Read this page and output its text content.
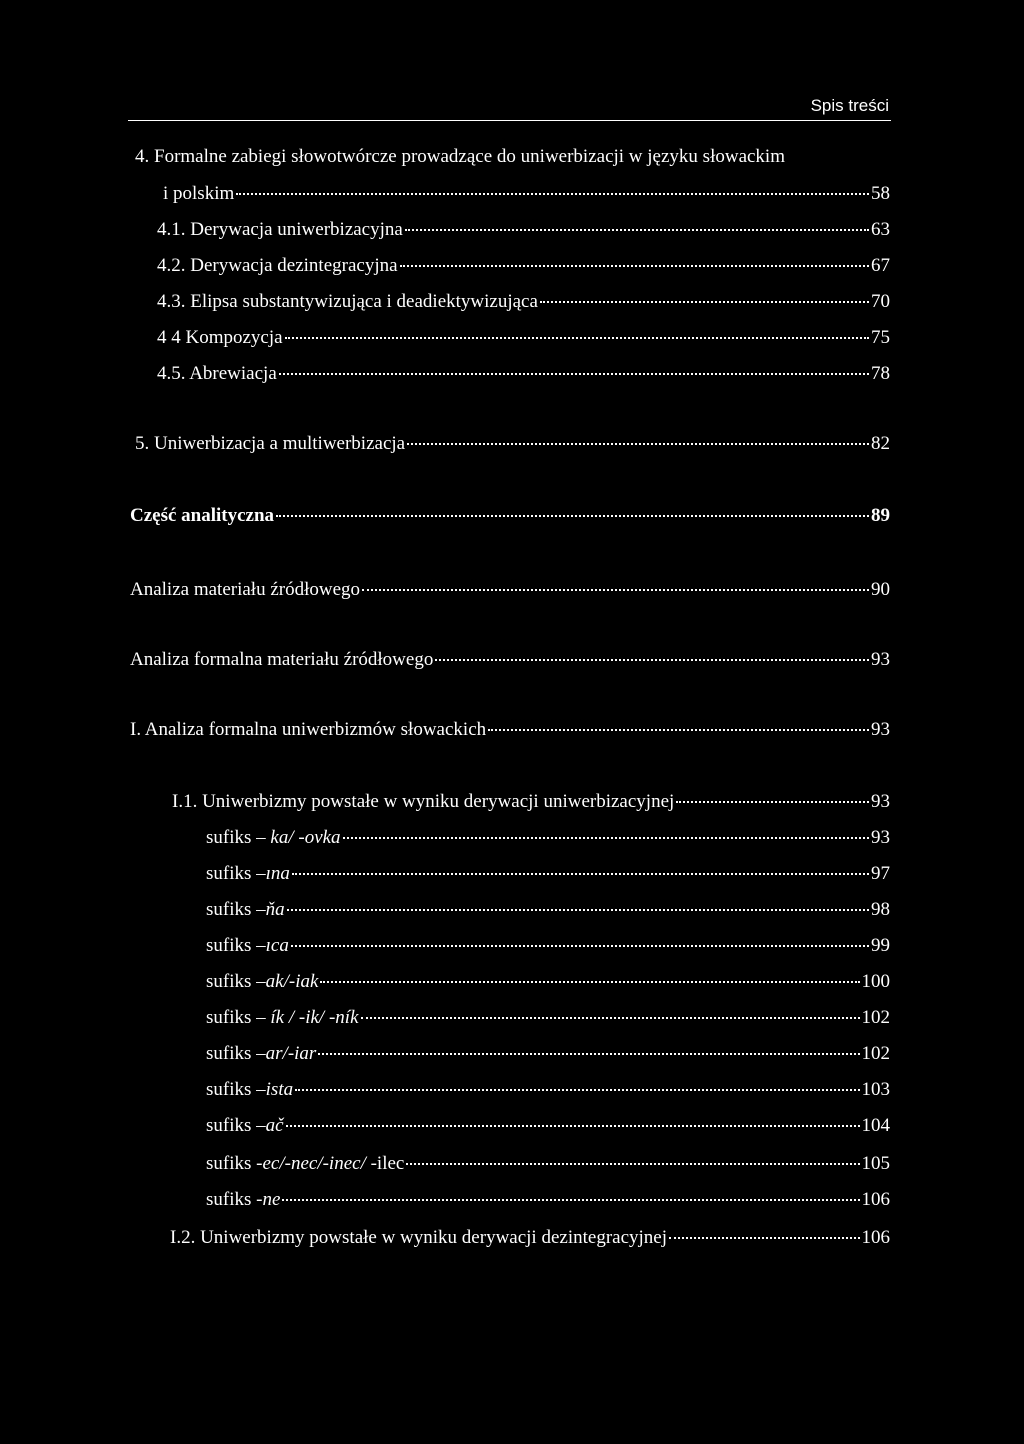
Spis treści
4. Formalne zabiegi słowotwórcze prowadzące do uniwerbizacji w języku słowackim
i polskim	58
4.1. Derywacja uniwerbizacyjna	63
4.2. Derywacja dezintegracyjna	67
4.3. Elipsa substantywizująca i deadiektywizująca	70
4 4 Kompozycja	75
4.5. Abrewiacja	78
5. Uniwerbizacja a multiwerbizacja	82
Część analityczna	89
Analiza materiału źródłowego	90
Analiza formalna materiału źródłowego	93
I. Analiza formalna uniwerbizmów słowackich	93
I.1. Uniwerbizmy powstałe w wyniku derywacji uniwerbizacyjnej	93
sufiks – ka/ -ovka	93
sufiks –ına	97
sufiks –ňa	98
sufiks –ıca	99
sufiks –ak/-iak	100
sufiks – ík / -ik/ -ník	102
sufiks –ar/-iar	102
sufiks –ista	103
sufiks –ač	104
sufiks -ec/-nec/-inec/ -ilec	105
sufiks -ne	106
I.2. Uniwerbizmy powstałe w wyniku derywacji dezintegracyjnej	106
